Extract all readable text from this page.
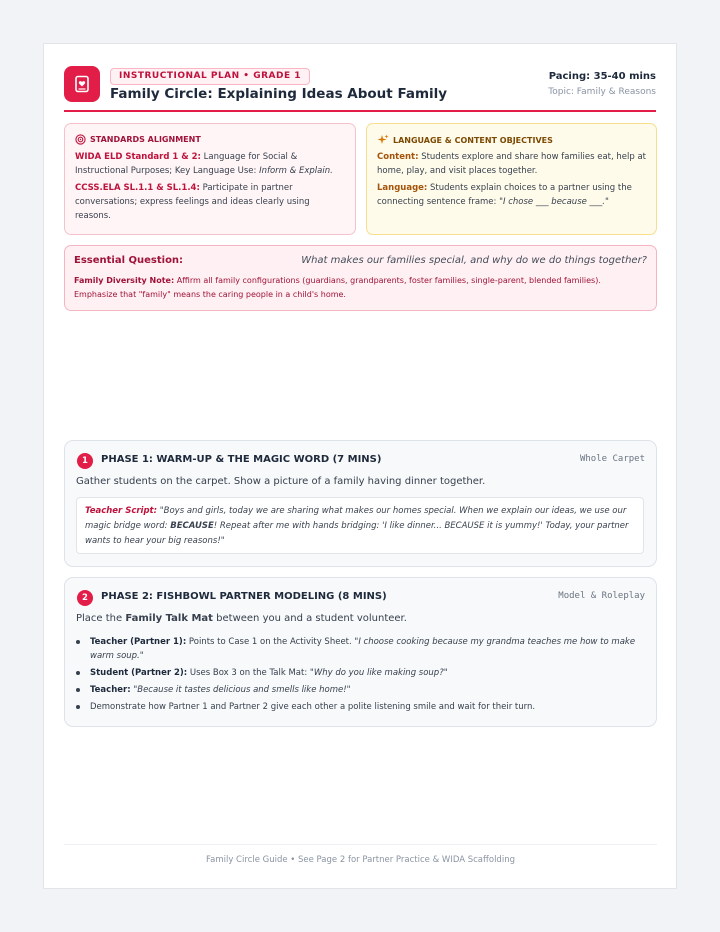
INSTRUCTIONAL PLAN • GRADE 1
Family Circle: Explaining Ideas About Family
Pacing: 35-40 mins
Topic: Family & Reasons
STANDARDS ALIGNMENT
WIDA ELD Standard 1 & 2: Language for Social & Instructional Purposes; Key Language Use: Inform & Explain.
CCSS.ELA SL.1.1 & SL.1.4: Participate in partner conversations; express feelings and ideas clearly using reasons.
LANGUAGE & CONTENT OBJECTIVES
Content: Students explore and share how families eat, help at home, play, and visit places together.
Language: Students explain choices to a partner using the connecting sentence frame: "I chose ___ because ___."
Essential Question:	What makes our families special, and why do we do things together?
Family Diversity Note: Affirm all family configurations (guardians, grandparents, foster families, single-parent, blended families). Emphasize that "family" means the caring people in a child's home.
1	PHASE 1: WARM-UP & THE MAGIC WORD (7 MINS)	Whole Carpet
Gather students on the carpet. Show a picture of a family having dinner together.
Teacher Script: "Boys and girls, today we are sharing what makes our homes special. When we explain our ideas, we use our magic bridge word: BECAUSE! Repeat after me with hands bridging: 'I like dinner... BECAUSE it is yummy!' Today, your partner wants to hear your big reasons!"
2	PHASE 2: FISHBOWL PARTNER MODELING (8 MINS)	Model & Roleplay
Place the Family Talk Mat between you and a student volunteer.
Teacher (Partner 1): Points to Case 1 on the Activity Sheet. "I choose cooking because my grandma teaches me how to make warm soup."
Student (Partner 2): Uses Box 3 on the Talk Mat: "Why do you like making soup?"
Teacher: "Because it tastes delicious and smells like home!"
Demonstrate how Partner 1 and Partner 2 give each other a polite listening smile and wait for their turn.
Family Circle Guide • See Page 2 for Partner Practice & WIDA Scaffolding
